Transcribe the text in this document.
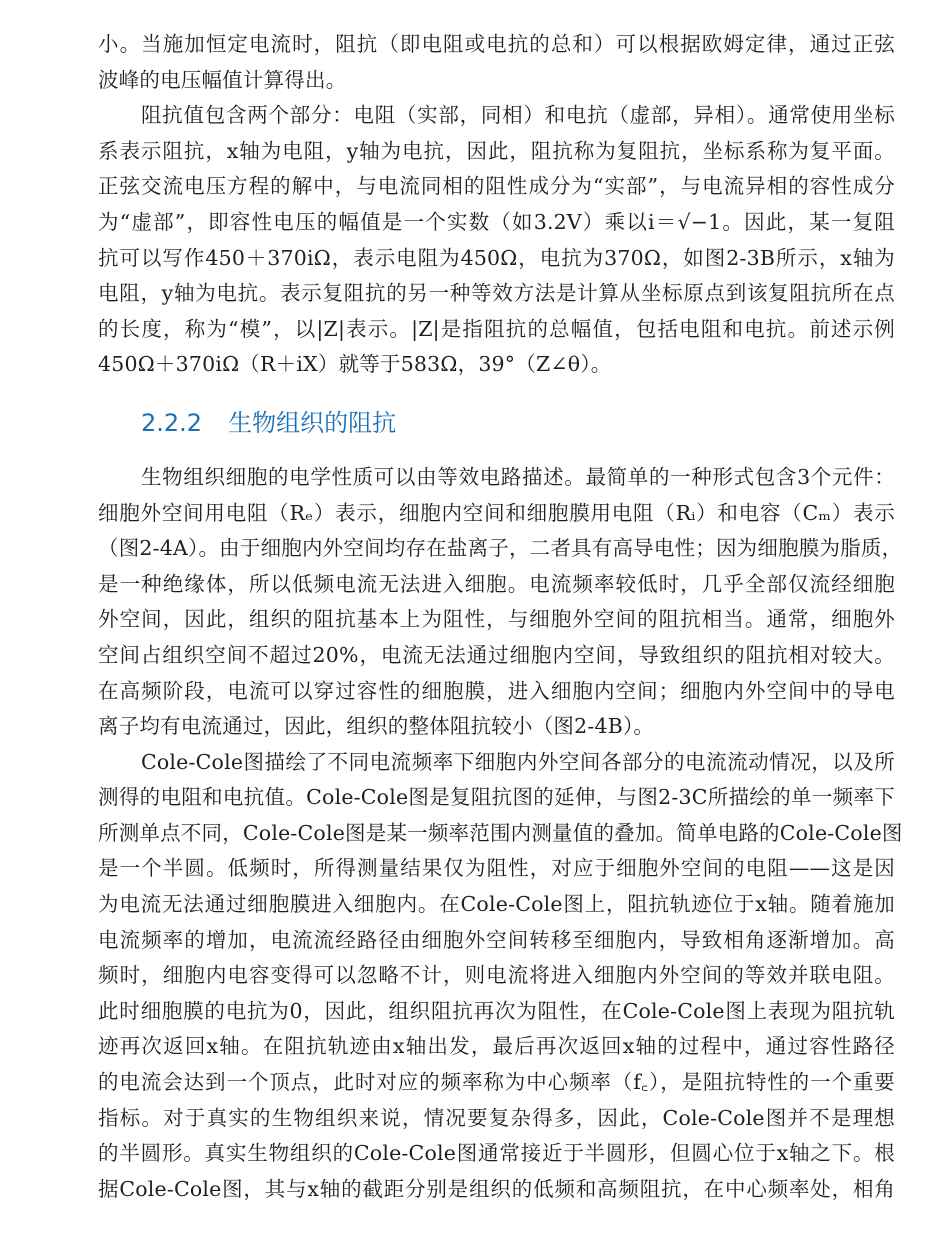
小。当施加恒定电流时，阻抗（即电阻或电抗的总和）可以根据欧姆定律，通过正弦
波峰的电压幅值计算得出。
阻抗值包含两个部分：电阻（实部，同相）和电抗（虚部，异相）。通常使用坐标
系表示阻抗，x轴为电阻，y轴为电抗，因此，阻抗称为复阻抗，坐标系称为复平面。
正弦交流电压方程的解中，与电流同相的阻性成分为“实部”，与电流异相的容性成分
为“虚部”，即容性电压的幅值是一个实数（如3.2V）乘以i＝√−1。因此，某一复阻
抗可以写作450＋370iΩ，表示电阻为450Ω，电抗为370Ω，如图2-3B所示，x轴为
电阻，y轴为电抗。表示复阻抗的另一种等效方法是计算从坐标原点到该复阻抗所在点
的长度，称为“模”，以|Z|表示。|Z|是指阻抗的总幅值，包括电阻和电抗。前述示例
450Ω＋370iΩ（R＋iX）就等于583Ω，39°（Z∠θ）。
2.2.2 生物组织的阻抗
生物组织细胞的电学性质可以由等效电路描述。最简单的一种形式包含3个元件：
细胞外空间用电阻（Rₑ）表示，细胞内空间和细胞膜用电阻（Rᵢ）和电容（Cₘ）表示
（图2-4A）。由于细胞内外空间均存在盐离子，二者具有高导电性；因为细胞膜为脂质，
是一种绝缘体，所以低频电流无法进入细胞。电流频率较低时，几乎全部仅流经细胞
外空间，因此，组织的阻抗基本上为阻性，与细胞外空间的阻抗相当。通常，细胞外
空间占组织空间不超过20%，电流无法通过细胞内空间，导致组织的阻抗相对较大。
在高频阶段，电流可以穿过容性的细胞膜，进入细胞内空间；细胞内外空间中的导电
离子均有电流通过，因此，组织的整体阻抗较小（图2-4B）。
Cole-Cole图描绘了不同电流频率下细胞内外空间各部分的电流流动情况，以及所
测得的电阻和电抗值。Cole-Cole图是复阻抗图的延伸，与图2-3C所描绘的单一频率下
所测单点不同，Cole-Cole图是某一频率范围内测量值的叠加。简单电路的Cole-Cole图
是一个半圆。低频时，所得测量结果仅为阻性，对应于细胞外空间的电阻——这是因
为电流无法通过细胞膜进入细胞内。在Cole-Cole图上，阻抗轨迹位于x轴。随着施加
电流频率的增加，电流流经路径由细胞外空间转移至细胞内，导致相角逐渐增加。高
频时，细胞内电容变得可以忽略不计，则电流将进入细胞内外空间的等效并联电阻。
此时细胞膜的电抗为0，因此，组织阻抗再次为阻性，在Cole-Cole图上表现为阻抗轨
迹再次返回x轴。在阻抗轨迹由x轴出发，最后再次返回x轴的过程中，通过容性路径
的电流会达到一个顶点，此时对应的频率称为中心频率（f꜀），是阻抗特性的一个重要
指标。对于真实的生物组织来说，情况要复杂得多，因此，Cole-Cole图并不是理想
的半圆形。真实生物组织的Cole-Cole图通常接近于半圆形，但圆心位于x轴之下。根
据Cole-Cole图，其与x轴的截距分别是组织的低频和高频阻抗，在中心频率处，相角
